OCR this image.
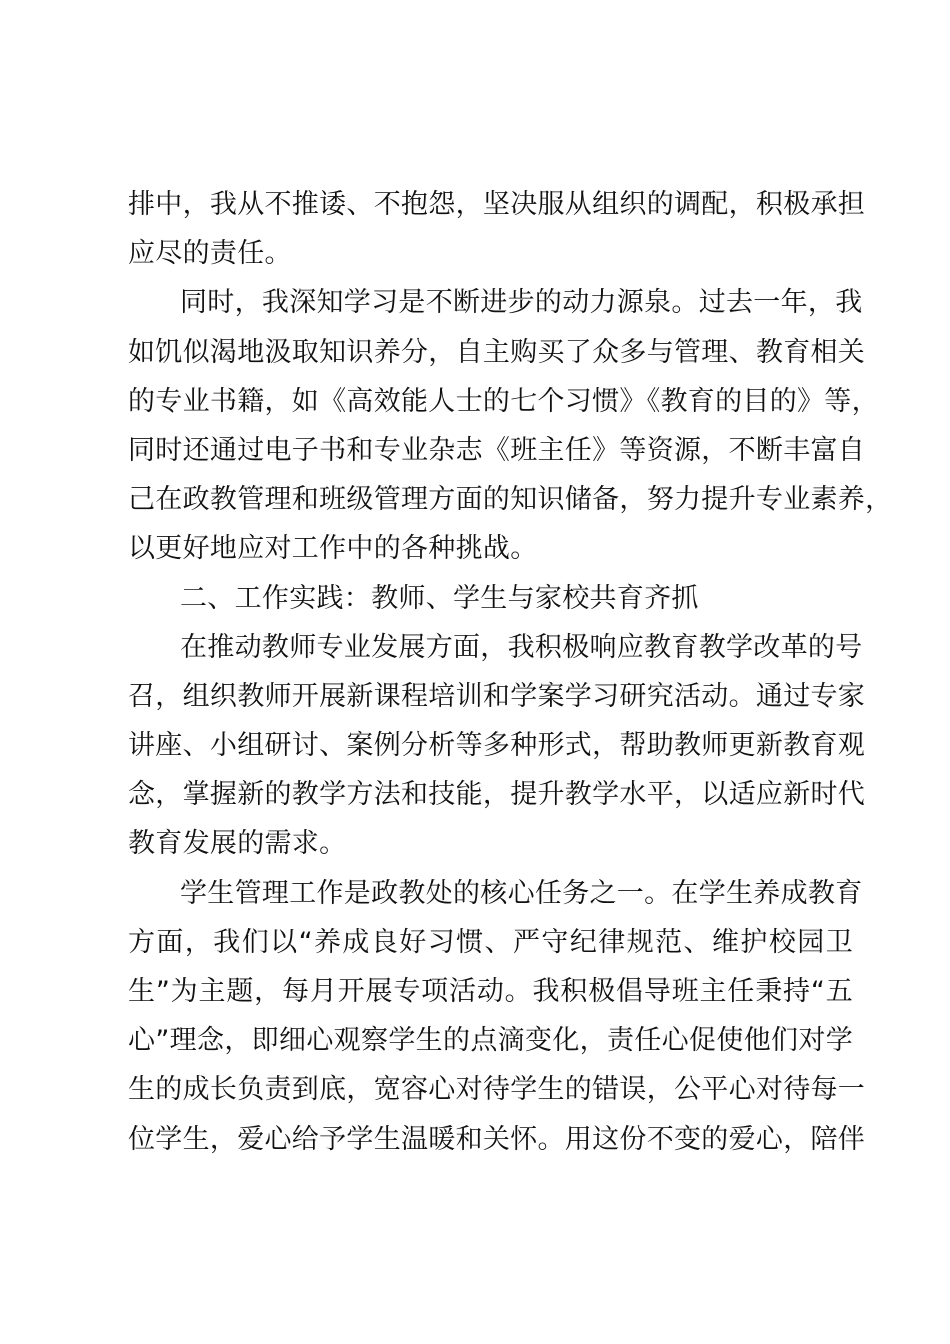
排中，我从不推诿、不抱怨，坚决服从组织的调配，积极承担
应尽的责任。
同时，我深知学习是不断进步的动力源泉。过去一年，我
如饥似渴地汲取知识养分，自主购买了众多与管理、教育相关
的专业书籍，如《高效能人士的七个习惯》《教育的目的》等，
同时还通过电子书和专业杂志《班主任》等资源，不断丰富自
己在政教管理和班级管理方面的知识储备，努力提升专业素养，
以更好地应对工作中的各种挑战。
二、工作实践：教师、学生与家校共育齐抓
在推动教师专业发展方面，我积极响应教育教学改革的号
召，组织教师开展新课程培训和学案学习研究活动。通过专家
讲座、小组研讨、案例分析等多种形式，帮助教师更新教育观
念，掌握新的教学方法和技能，提升教学水平，以适应新时代
教育发展的需求。
学生管理工作是政教处的核心任务之一。在学生养成教育
方面，我们以“养成良好习惯、严守纪律规范、维护校园卫
生”为主题，每月开展专项活动。我积极倡导班主任秉持“五
心”理念，即细心观察学生的点滴变化，责任心促使他们对学
生的成长负责到底，宽容心对待学生的错误，公平心对待每一
位学生，爱心给予学生温暖和关怀。用这份不变的爱心，陪伴
